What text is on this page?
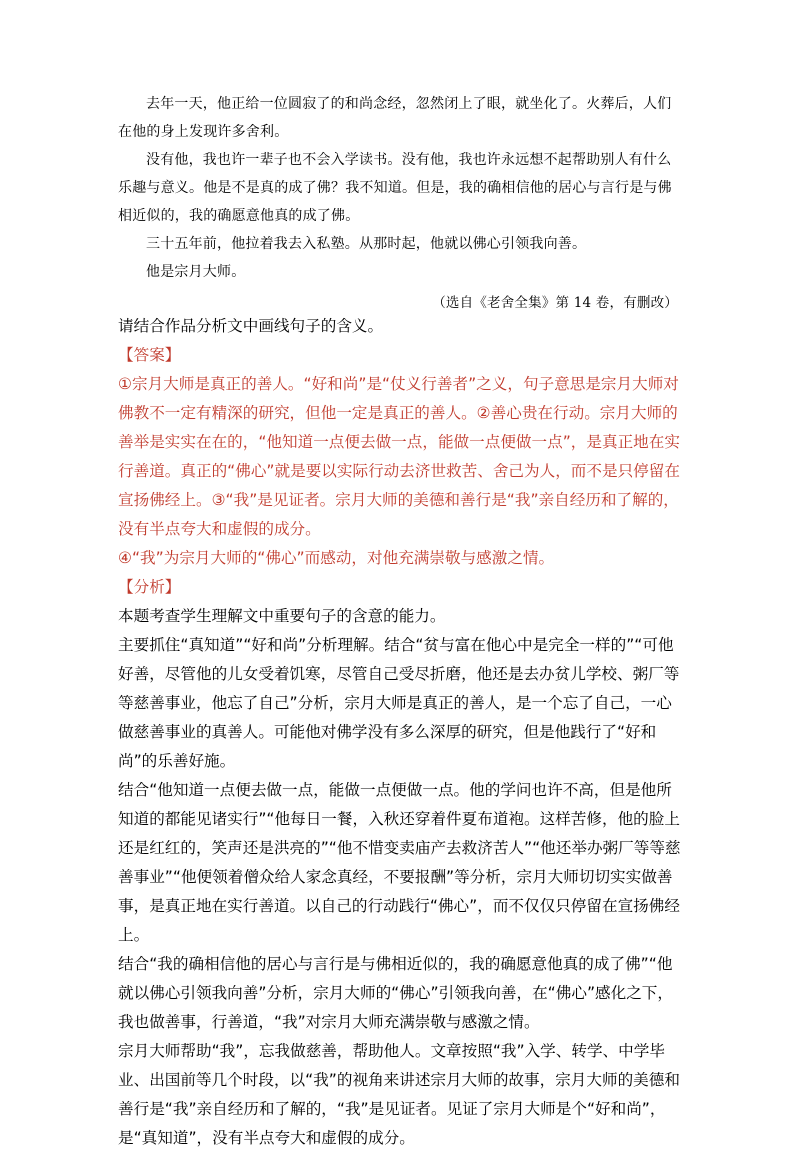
去年一天，他正给一位圆寂了的和尚念经，忽然闭上了眼，就坐化了。火葬后，人们在他的身上发现许多舍利。

没有他，我也许一辈子也不会入学读书。没有他，我也许永远想不起帮助别人有什么乐趣与意义。他是不是真的成了佛？我不知道。但是，我的确相信他的居心与言行是与佛相近似的，我的确愿意他真的成了佛。

三十五年前，他拉着我去入私塾。从那时起，他就以佛心引领我向善。

他是宗月大师。

（选自《老舍全集》第 14 卷，有删改）

请结合作品分析文中画线句子的含义。

【答案】

①宗月大师是真正的善人。“好和尚”是“仗义行善者”之义，句子意思是宗月大师对佛教不一定有精深的研究，但他一定是真正的善人。②善心贵在行动。宗月大师的善举是实实在在的，“他知道一点便去做一点，能做一点便做一点”，是真正地在实行善道。真正的“佛心”就是要以实际行动去济世救苦、舍己为人，而不是只停留在宣扬佛经上。③“我”是见证者。宗月大师的美德和善行是“我”亲自经历和了解的，没有半点夸大和虚假的成分。

④“我”为宗月大师的“佛心”而感动，对他充满崇敬与感激之情。

【分析】

本题考查学生理解文中重要句子的含意的能力。

主要抓住“真知道”“好和尚”分析理解。结合“贫与富在他心中是完全一样的”“可他好善，尽管他的儿女受着饥寒，尽管自己受尽折磨，他还是去办贫儿学校、粥厂等等慈善事业，他忘了自己”分析，宗月大师是真正的善人，是一个忘了自己，一心做慈善事业的真善人。可能他对佛学没有多么深厚的研究，但是他践行了“好和尚”的乐善好施。

结合“他知道一点便去做一点，能做一点便做一点。他的学问也许不高，但是他所知道的都能见诸实行”“他每日一餐，入秋还穿着件夏布道袍。这样苦修，他的脸上还是红红的，笑声还是洪亮的”“他不惜变卖庙产去救济苦人”“他还举办粥厂等等慈善事业”“他便领着僧众给人家念真经，不要报酬”等分析，宗月大师切切实实做善事，是真正地在实行善道。以自己的行动践行“佛心”，而不仅仅只停留在宣扬佛经上。

结合“我的确相信他的居心与言行是与佛相近似的，我的确愿意他真的成了佛”“他就以佛心引领我向善”分析，宗月大师的“佛心”引领我向善，在“佛心”感化之下，我也做善事，行善道，“我”对宗月大师充满崇敬与感激之情。

宗月大师帮助“我”，忘我做慈善，帮助他人。文章按照“我”入学、转学、中学毕业、出国前等几个时段，以“我”的视角来讲述宗月大师的故事，宗月大师的美德和善行是“我”亲自经历和了解的，“我”是见证者。见证了宗月大师是个“好和尚”，是“真知道”，没有半点夸大和虚假的成分。
